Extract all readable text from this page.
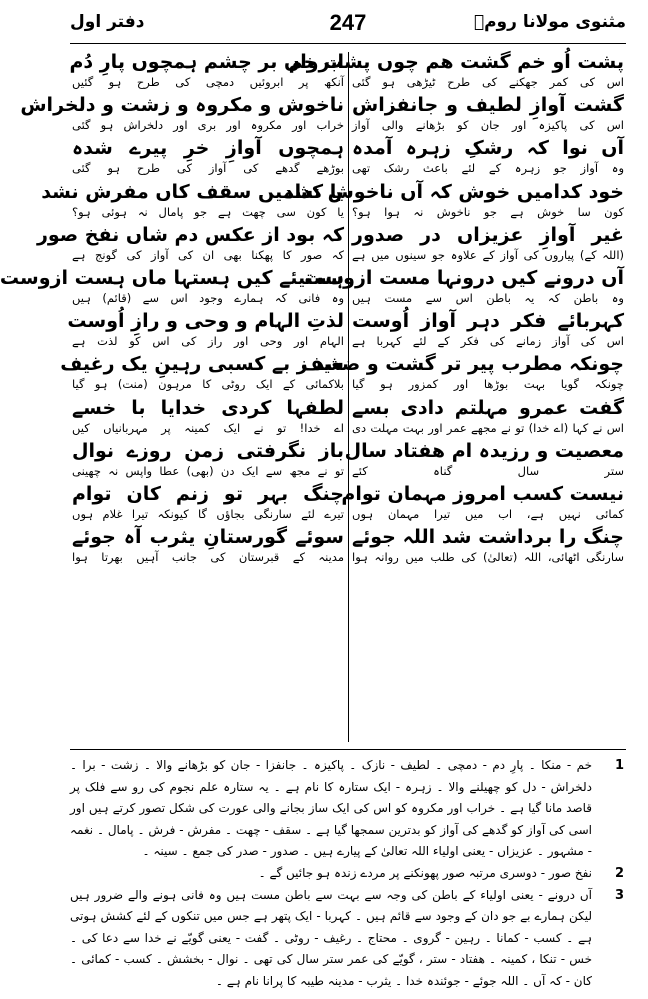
مثنوی مولانا رومؒ
247
دفتر اول
پشت اُو خم گشت هم چوں پشت خم
اس کی کمر جھکنے کی طرح ٹیڑھی ہو گئی
گشت آوازِ لطیف و جانفزاش
اس کی پاکیزہ اور جان کو بڑھانے والی آواز
آں نوا کہ رشکِ زہرہ آمدہ
وہ آواز جو زہرہ کے لئے باعث رشک تھی
خود کدامیں خوش کہ آں ناخوش نشد
کون سا خوش ہے جو ناخوش نہ ہوا ہو؟
غیر آوازِ عزیزاں در صدور
(اللہ کے) پیاروں کی آواز کے علاوہ جو سینوں میں ہے
آں درونے کیں درونہا مست ازوست
وہ باطن کہ یہ باطن اس سے مست ہیں
کہربائے فکر دہر آواز اُوست
اس کی آواز زمانے کی فکر کے لئے کہربا ہے
چونکہ مطرب پیر تر گشت و ضعیف
چونکہ گویا بہت بوڑھا اور کمزور ہو گیا
گفت عمرو مہلتم دادی بسے
اس نے کہا (اے خدا) تو نے مجھے عمر اور بہت مہلت دی
معصیت و رزیدہ ام هفتاد سال
ستر سال گناہ کئے
نیست کسب امروز مہمان توام
کمائی نہیں ہے، اب میں تیرا مہمان ہوں
چنگ را برداشت شد اللہ جوئے
سارنگی اٹھائی، اللہ (تعالیٰ) کی طلب میں روانہ ہوا
ابرواں بر چشم ہمچوں پارِ دُم
آنکھ پر ابروئیں دمچی کی طرح ہو گئیں
ناخوش و مکروہ و زشت و دلخراش
خراب اور مکروہ اور بری اور دلخراش ہو گئی
ہمچوں آوازِ خرِ پیرے شدہ
بوڑھے گدھے کی آواز کی طرح ہو گئی
یا کدامیں سقف کاں مفرش نشد
یا کون سی چھت ہے جو پامال نہ ہوئی ہو؟
کہ بود از عکس دم شاں نفخ صور
کہ صور کا پھکنا بھی ان کی آواز کی گونج ہے
ہستیئے کیں ہستہا ماں ہست ازوست
وہ فانی کہ ہمارے وجود اس سے (قائم) ہیں
لذتِ الہام و وحی و رازِ اُوست
الہام اور وحی اور راز کی اس کو لذت ہے
شد ز بے کسبی رہینِ یک رغیف
بلاکمائی کے ایک روٹی کا مرہون (منت) ہو گیا
لطفہا کردی خدایا با خسے
اے خدا! تو نے ایک کمینہ پر مہربانیاں کیں
باز نگرفتی زمن روزے نوال
تو نے مجھ سے ایک دن (بھی) عطا واپس نہ چھینی
چنگ بہر تو زنم کان توام
تیرے لئے سارنگی بجاؤں گا کیونکہ تیرا غلام ہوں
سوئے گورستانِ یثرب آہ جوئے
مدینہ کے قبرستان کی جانب آہیں بھرتا ہوا
1
خم - منکا ۔ پارِ دم - دمچی ۔ لطیف - نازک ۔ پاکیزہ ۔ جانفزا - جان کو بڑھانے والا ۔ زشت - برا ۔ دلخراش - دل کو چھیلنے والا ۔ زہرہ - ایک ستارہ کا نام ہے ۔ یہ ستارہ علم نجوم کی رو سے فلک پر قاصد مانا گیا ہے ۔ خراب اور مکروہ کو اس کی ایک ساز بجانے والی عورت کی شکل تصور کرتے ہیں اور اسی کی آواز کو گدھے کی آواز کو بدترین سمجھا گیا ہے ۔ سقف - چھت ۔ مفرش - فرش ۔ پامال ۔ نغمہ - مشہور ۔ عزیزاں - یعنی اولیاء اللہ تعالیٰ کے پیارے ہیں ۔ صدور - صدر کی جمع ۔ سینہ ۔
2
نفخ صور - دوسری مرتبہ صور پھونکنے پر مردے زندہ ہو جائیں گے ۔
3
آں درونے - یعنی اولیاء کے باطن کی وجہ سے بہت سے باطن مست ہیں وہ فانی ہونے والے ضرور ہیں لیکن ہمارے بے جو دان کے وجود سے قائم ہیں ۔ کہربا - ایک پتھر ہے جس میں تنکوں کے لئے کشش ہوتی ہے ۔ کسب - کمانا ۔ رہین - گروی ۔ محتاج ۔ رغیف - روٹی ۔ گفت - یعنی گویّے نے خدا سے دعا کی ۔ خس - تنکا ، کمینہ ۔ هفتاد - ستر ، گویّے کی عمر ستر سال کی تھی ۔ نوال - بخشش ۔ کسب - کمائی ۔ کان - کہ آں ۔ اللہ جوئے - جوئندہ خدا ۔ یثرب - مدینہ طیبہ کا پرانا نام ہے ۔
